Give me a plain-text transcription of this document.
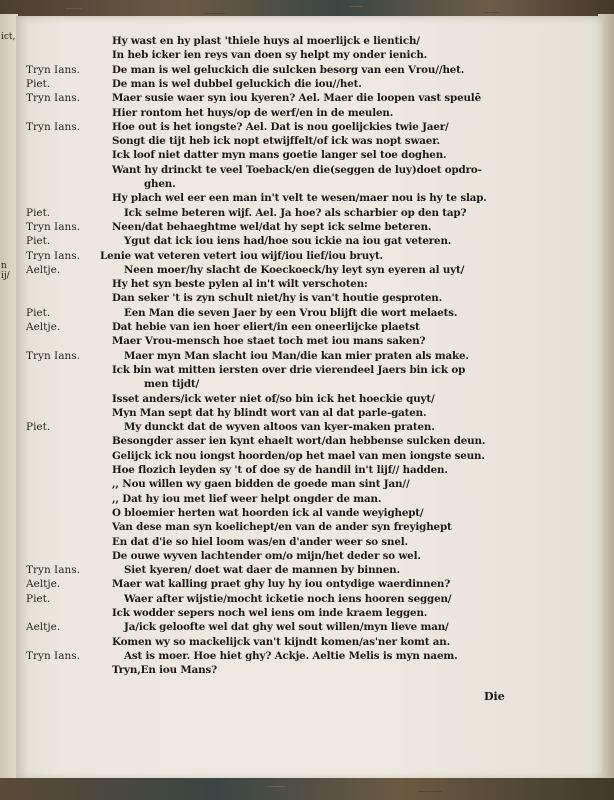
ict,
n ij/
Hy wast en hy plast 'thiele huys al moerlijck e lientich/
In heb icker ien reys van doen sy helpt my onder ienich.
Tryn Ians.	De man is wel geluckich die sulcken besorg van een Vrou//het.
Piet.	De man is wel dubbel geluckich die iou//het.
Tryn Ians.	Maer susie waer syn iou kyeren? Ael. Maer die loopen vast speulē
Hier rontom het huys/op de werf/en in de meulen.
Tryn Ians.	Hoe out is het iongste? Ael. Dat is nou goelijckies twie Jaer/
Songt die tijt heb ick nopt etwijffelt/of ick was nopt swaer.
Ick loof niet datter myn mans goetie langer sel toe doghen.
Want hy drinckt te veel Toeback/en die(seggen de luy)doet opdro-
ghen.
Hy plach wel eer een man in't velt te wesen/maer nou is hy te slap.
Piet.	Ick selme beteren wijf. Ael. Ja hoe? als scharbier op den tap?
Tryn Ians.	Neen/dat behaeghtme wel/dat hy sept ick selme beteren.
Piet.	Ygut dat ick iou iens had/hoe sou ickie na iou gat veteren.
Tryn Ians. Lenie wat veteren vetert iou wijf/iou lief/iou bruyt.
Aeltje.	Neen moer/hy slacht de Koeckoeck/hy leyt syn eyeren al uyt/
Hy het syn beste pylen al in't wilt verschoten:
Dan seker 't is zyn schult niet/hy is van't houtie gesproten.
Piet.	Een Man die seven Jaer by een Vrou blijft die wort melaets.
Aeltje.	Dat hebie van ien hoer eliert/in een oneerlijcke plaetst
Maer Vrou-mensch hoe staet toch met iou mans saken?
Tryn Ians.	Maer myn Man slacht iou Man/die kan mier praten als make.
Ick bin wat mitten iersten over drie vierendeel Jaers bin ick op
men tijdt/
Isset anders/ick weter niet of/so bin ick het hoeckie quyt/
Myn Man sept dat hy blindt wort van al dat parle-gaten.
Piet.	My dunckt dat de wyven altoos van kyer-maken praten.
Besongder asser ien kynt ehaelt wort/dan hebbense sulcken deun.
Gelijck ick nou iongst hoorden/op het mael van men iongste seun.
Hoe flozich leyden sy 't of doe sy de handil in't lijf// hadden.
,, Nou willen wy gaen bidden de goede man sint Jan//
,, Dat hy iou met lief weer helpt ongder de man.
O bloemier herten wat hoorden ick al vande weyighept/
Van dese man syn koelichept/en van de ander syn freyighept
En dat d'ie so hiel loom was/en d'ander weer so snel.
De ouwe wyven lachtender om/o mijn/het deder so wel.
Tryn Ians.	Siet kyeren/ doet wat daer de mannen by binnen.
Aeltje.	Maer wat kalling praet ghy luy hy iou ontydige waerdinnen?
Piet.	Waer after wijstie/mocht icketie noch iens hooren seggen/
Ick wodder sepers noch wel iens om inde kraem leggen.
Aeltje.	Ja/ick geloofte wel dat ghy wel sout willen/myn lieve man/
Komen wy so mackelijck van't kijndt komen/as'ner komt an.
Tryn Ians.	Ast is moer. Hoe hiet ghy? Ackje. Aeltie Melis is myn naem.
Tryn,En iou Mans?
Die
